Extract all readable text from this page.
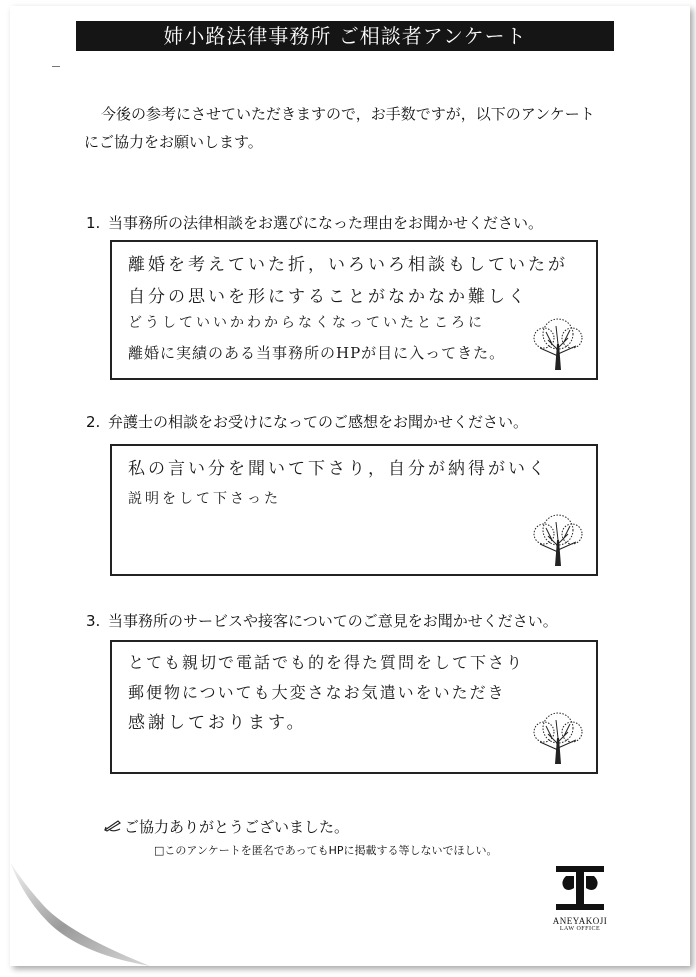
姉小路法律事務所 ご相談者アンケート
今後の参考にさせていただきますので，お手数ですが，以下のアンケート
にご協力をお願いします。
1. 当事務所の法律相談をお選びになった理由をお聞かせください。
離婚を考えていた折，いろいろ相談もしていたが
自分の思いを形にすることがなかなか難しく
どうしていいかわからなくなっていたところに
離婚に実績のある当事務所のHPが目に入ってきた。
2. 弁護士の相談をお受けになってのご感想をお聞かせください。
私の言い分を聞いて下さり，自分が納得がいく
説明をして下さった
3. 当事務所のサービスや接客についてのご意見をお聞かせください。
とても親切で電話でも的を得た質問をして下さり
郵便物についても大変さなお気遣いをいただき
感謝しております。
ご協力ありがとうございました。
□このアンケートを匿名であってもHPに掲載する等しないでほしい。
ANEYAKOJI
LAW OFFICE
